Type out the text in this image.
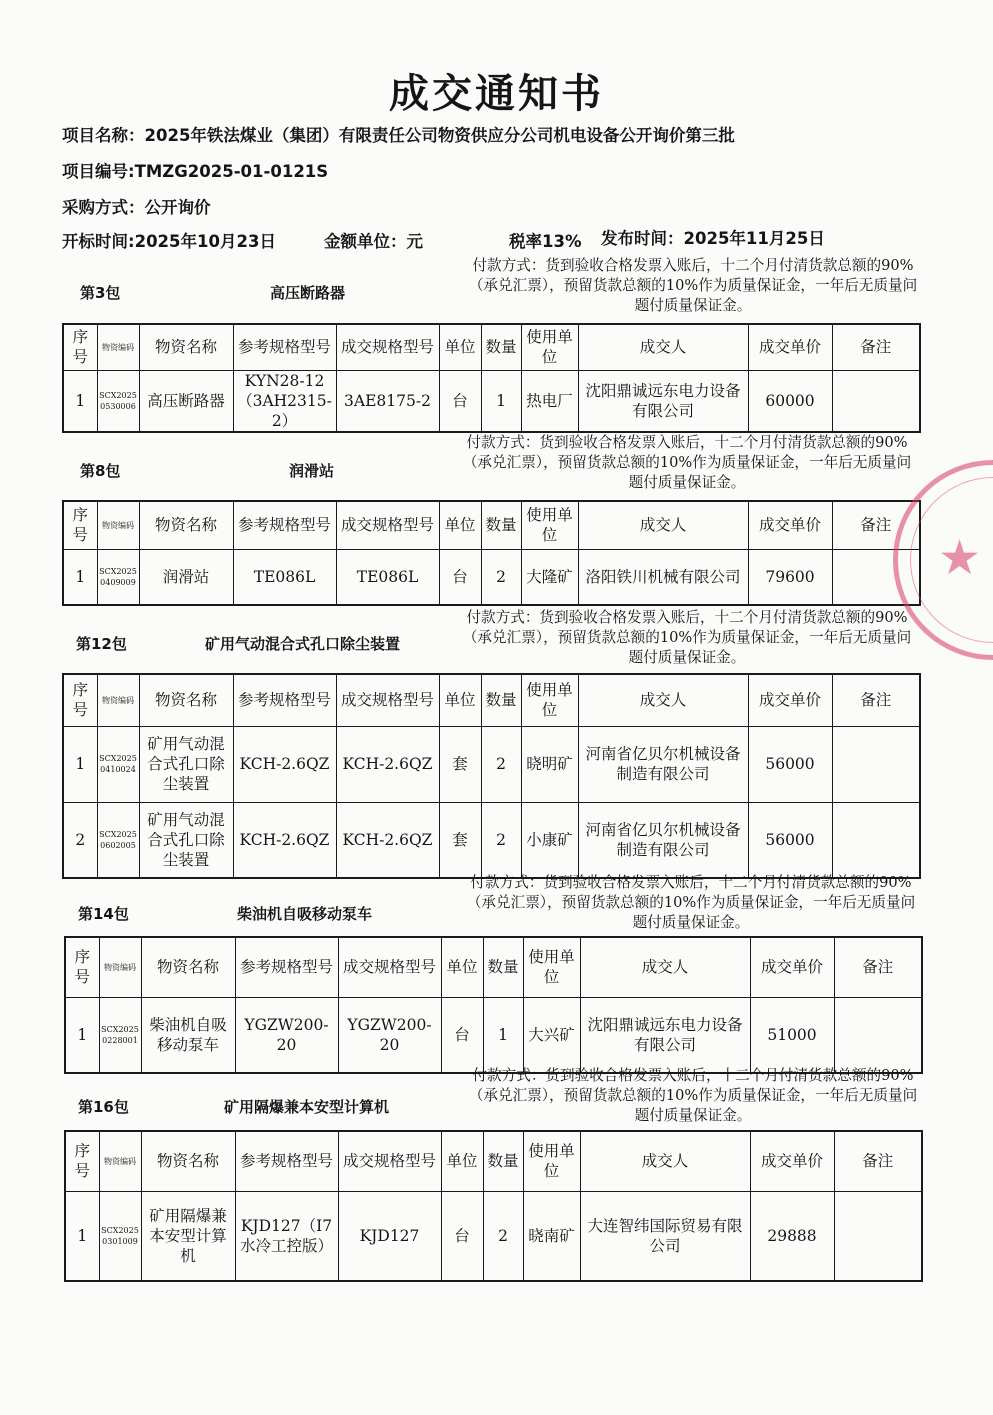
成交通知书
项目名称：2025年铁法煤业（集团）有限责任公司物资供应分公司机电设备公开询价第三批
项目编号:TMZG2025-01-0121S
采购方式：公开询价
开标时间:2025年10月23日	金额单位：元	税率13% 发布时间：2025年11月25日
付款方式：货到验收合格发票入账后，十二个月付清货款总额的90%（承兑汇票），预留货款总额的10%作为质量保证金，一年后无质量问题付质量保证金。
第3包	高压断路器
序号	物资编码	物资名称	参考规格型号	成交规格型号	单位	数量	使用单位	成交人	成交单价	备注
1	SCX2025 0530006	高压断路器	KYN28-12（3AH2315-2）	3AE8175-2	台	1	热电厂	沈阳鼎诚远东电力设备有限公司	60000	
付款方式：货到验收合格发票入账后，十二个月付清货款总额的90%（承兑汇票），预留货款总额的10%作为质量保证金，一年后无质量问题付质量保证金。
第8包	润滑站
序号	物资编码	物资名称	参考规格型号	成交规格型号	单位	数量	使用单位	成交人	成交单价	备注
1	SCX2025 0409009	润滑站	TE086L	TE086L	台	2	大隆矿	洛阳铁川机械有限公司	79600	
付款方式：货到验收合格发票入账后，十二个月付清货款总额的90%（承兑汇票），预留货款总额的10%作为质量保证金，一年后无质量问题付质量保证金。
第12包	矿用气动混合式孔口除尘装置
序号	物资编码	物资名称	参考规格型号	成交规格型号	单位	数量	使用单位	成交人	成交单价	备注
1	SCX2025 0410024	矿用气动混合式孔口除尘装置	KCH-2.6QZ	KCH-2.6QZ	套	2	晓明矿	河南省亿贝尔机械设备制造有限公司	56000	
2	SCX2025 0602005	矿用气动混合式孔口除尘装置	KCH-2.6QZ	KCH-2.6QZ	套	2	小康矿	河南省亿贝尔机械设备制造有限公司	56000	
付款方式：货到验收合格发票入账后，十二个月付清货款总额的90%（承兑汇票），预留货款总额的10%作为质量保证金，一年后无质量问题付质量保证金。
第14包	柴油机自吸移动泵车
序号	物资编码	物资名称	参考规格型号	成交规格型号	单位	数量	使用单位	成交人	成交单价	备注
1	SCX2025 0228001	柴油机自吸移动泵车	YGZW200-20	YGZW200-20	台	1	大兴矿	沈阳鼎诚远东电力设备有限公司	51000	
付款方式：货到验收合格发票入账后，十二个月付清货款总额的90%（承兑汇票），预留货款总额的10%作为质量保证金，一年后无质量问题付质量保证金。
第16包	矿用隔爆兼本安型计算机
序号	物资编码	物资名称	参考规格型号	成交规格型号	单位	数量	使用单位	成交人	成交单价	备注
1	SCX2025 0301009	矿用隔爆兼本安型计算机	KJD127（I7水冷工控版）	KJD127	台	2	晓南矿	大连智纬国际贸易有限公司	29888	
★
